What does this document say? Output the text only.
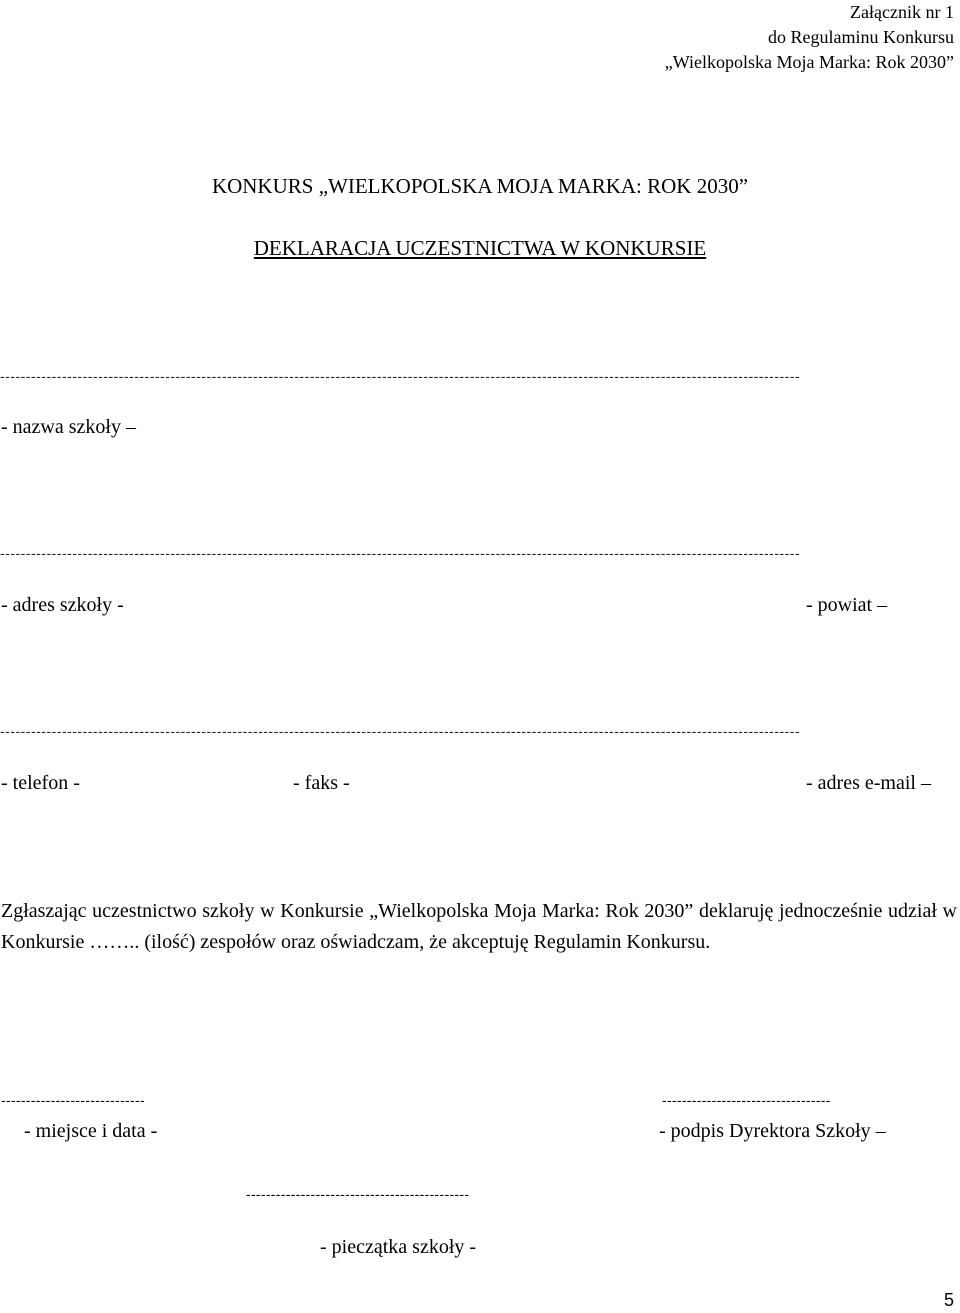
Załącznik nr 1
do Regulaminu Konkursu
„Wielkopolska Moja Marka: Rok 2030”
KONKURS „WIELKOPOLSKA MOJA MARKA: ROK 2030”
DEKLARACJA UCZESTNICTWA W KONKURSIE
-----------------------------------------------------------------------------------------------------------------------------------------------------------
- nazwa szkoły –
-----------------------------------------------------------------------------------------------------------------------------------------------------------
- adres szkoły -	- powiat –
-----------------------------------------------------------------------------------------------------------------------------------------------------------
- telefon -	- faks -	- adres e-mail –
Zgłaszając uczestnictwo szkoły w Konkursie „Wielkopolska Moja Marka: Rok 2030” deklaruję jednocześnie udział w Konkursie …….. (ilość) zespołów oraz oświadczam, że akceptuję Regulamin Konkursu.
-----------------------------
- miejsce i data -
----------------------------------
- podpis Dyrektora Szkoły –
---------------------------------------------
- pieczątka szkoły -
5
